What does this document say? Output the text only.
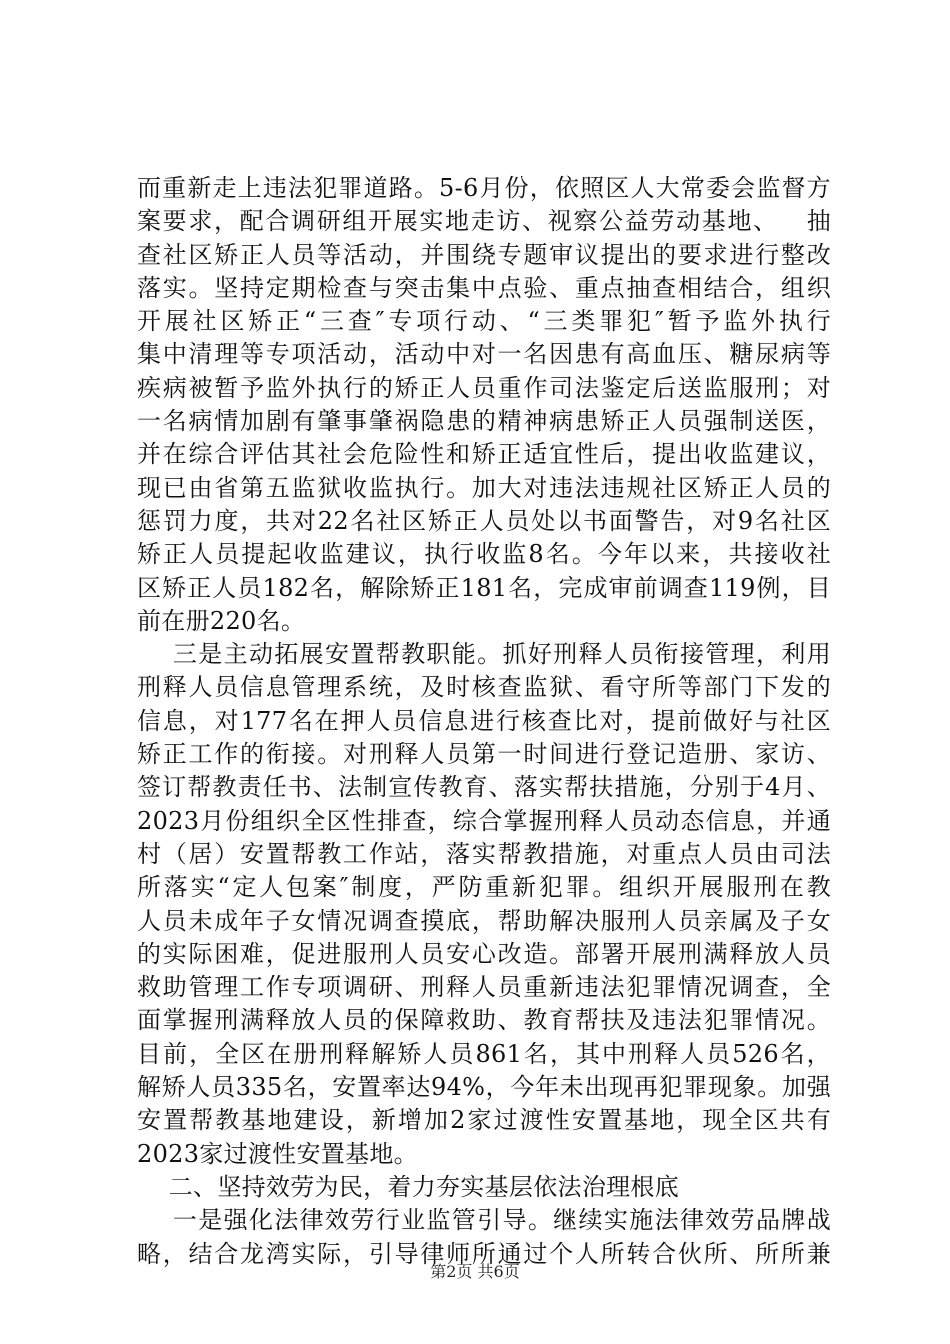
而重新走上违法犯罪道路。5-6月份，依照区人大常委会监督方
案要求，配合调研组开展实地走访、视察公益劳动基地、   抽
查社区矫正人员等活动，并围绕专题审议提出的要求进行整改
落实。坚持定期检查与突击集中点验、重点抽查相结合，组织
开展社区矫正“三查″专项行动、“三类罪犯″暂予监外执行
集中清理等专项活动，活动中对一名因患有高血压、糖尿病等
疾病被暂予监外执行的矫正人员重作司法鉴定后送监服刑；对
一名病情加剧有肇事肇祸隐患的精神病患矫正人员强制送医，
并在综合评估其社会危险性和矫正适宜性后，提出收监建议，
现已由省第五监狱收监执行。加大对违法违规社区矫正人员的
惩罚力度，共对22名社区矫正人员处以书面警告，对9名社区
矫正人员提起收监建议，执行收监8名。今年以来，共接收社
区矫正人员182名，解除矫正181名，完成审前调查119例，目
前在册220名。
三是主动拓展安置帮教职能。抓好刑释人员衔接管理，利用
刑释人员信息管理系统，及时核查监狱、看守所等部门下发的
信息，对177名在押人员信息进行核查比对，提前做好与社区
矫正工作的衔接。对刑释人员第一时间进行登记造册、家访、
签订帮教责任书、法制宣传教育、落实帮扶措施，分别于4月、
2023月份组织全区性排查，综合掌握刑释人员动态信息，并通
村（居）安置帮教工作站，落实帮教措施，对重点人员由司法
所落实“定人包案″制度，严防重新犯罪。组织开展服刑在教
人员未成年子女情况调查摸底，帮助解决服刑人员亲属及子女
的实际困难，促进服刑人员安心改造。部署开展刑满释放人员
救助管理工作专项调研、刑释人员重新违法犯罪情况调查，全
面掌握刑满释放人员的保障救助、教育帮扶及违法犯罪情况。
目前，全区在册刑释解矫人员861名，其中刑释人员526名，
解矫人员335名，安置率达94%，今年未出现再犯罪现象。加强
安置帮教基地建设，新增加2家过渡性安置基地，现全区共有
2023家过渡性安置基地。
二、坚持效劳为民，着力夯实基层依法治理根底
一是强化法律效劳行业监管引导。继续实施法律效劳品牌战
略，结合龙湾实际，引导律师所通过个人所转合伙所、所所兼
第2页 共6页
